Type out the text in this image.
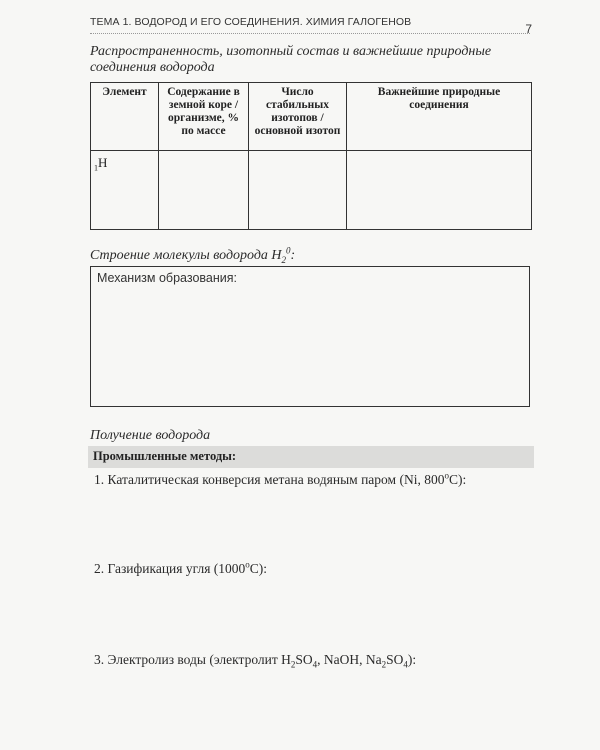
ТЕМА 1. ВОДОРОД И ЕГО СОЕДИНЕНИЯ. ХИМИЯ ГАЛОГЕНОВ	7
Распространенность, изотопный состав и важнейшие природные соединения водорода
Элемент	Содержание в земной коре / организме, % по массе	Число стабильных изотопов / основной изотоп	Важнейшие природные соединения
$_1$H			
Строение молекулы водорода $H_2^0$:
Механизм образования:
Получение водорода
Промышленные методы:
1. Каталитическая конверсия метана водяным паром (Ni, 800$^o$C):
2. Газификация угля (1000$^o$C):
3. Электролиз воды (электролит $H_2SO_4$, NaOH, $Na_2SO_4$):
